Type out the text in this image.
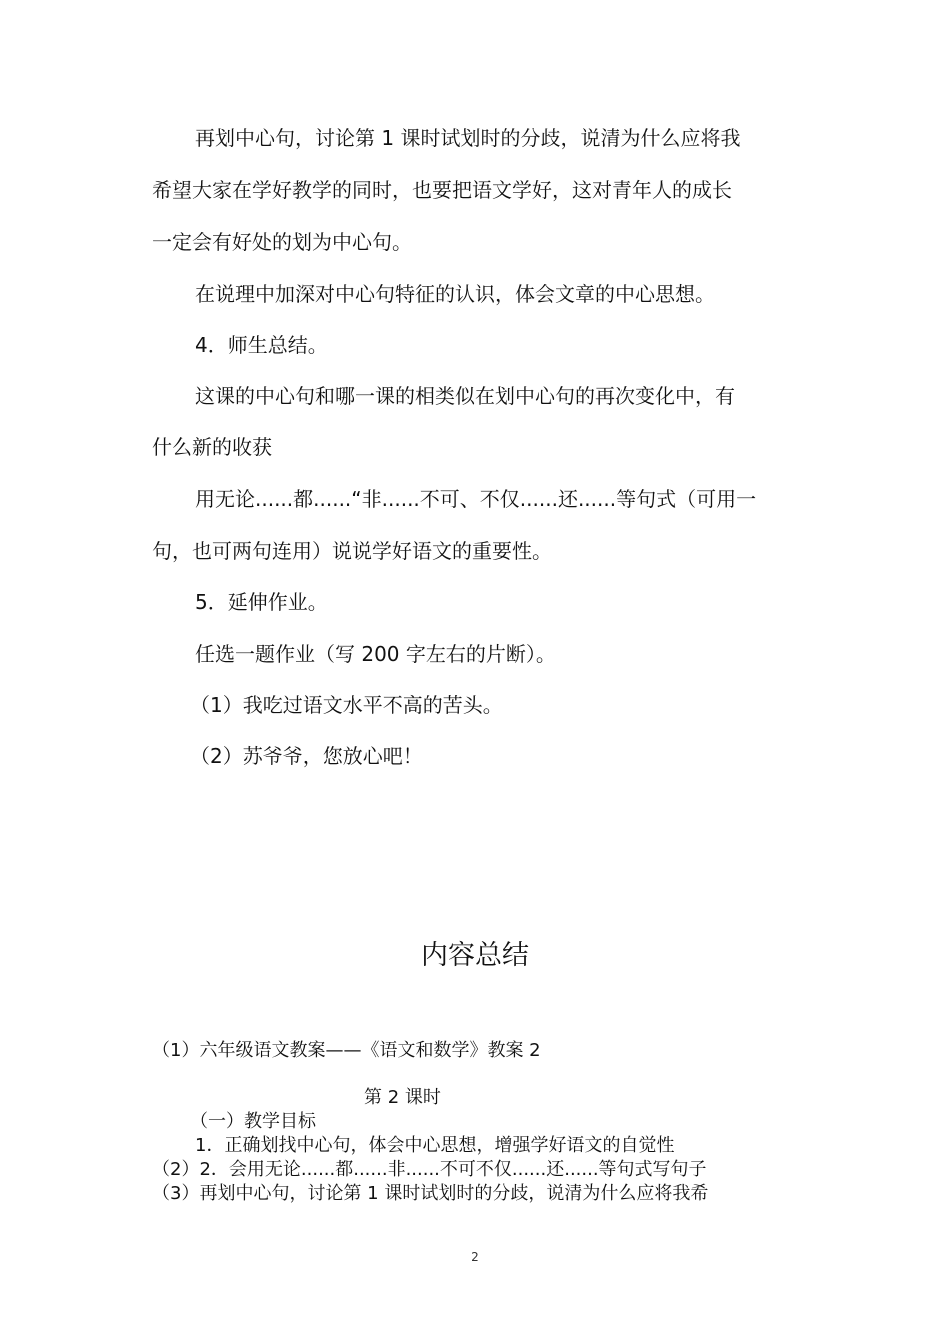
再划中心句，讨论第 1 课时试划时的分歧，说清为什么应将我
希望大家在学好教学的同时，也要把语文学好，这对青年人的成长
一定会有好处的划为中心句。
在说理中加深对中心句特征的认识，体会文章的中心思想。
4．师生总结。
这课的中心句和哪一课的相类似在划中心句的再次变化中，有
什么新的收获
用无论......都......“非......不可、不仅......还......等句式（可用一
句，也可两句连用）说说学好语文的重要性。
5．延伸作业。
任选一题作业（写 200 字左右的片断）。
（1）我吃过语文水平不高的苦头。
（2）苏爷爷，您放心吧！
内容总结
（1）六年级语文教案——《语文和数学》教案 2
第 2 课时
（一）教学目标
1．正确划找中心句，体会中心思想，增强学好语文的自觉性
（2）2．会用无论......都......非......不可不仅......还......等句式写句子
（3）再划中心句，讨论第 1 课时试划时的分歧，说清为什么应将我希
2
